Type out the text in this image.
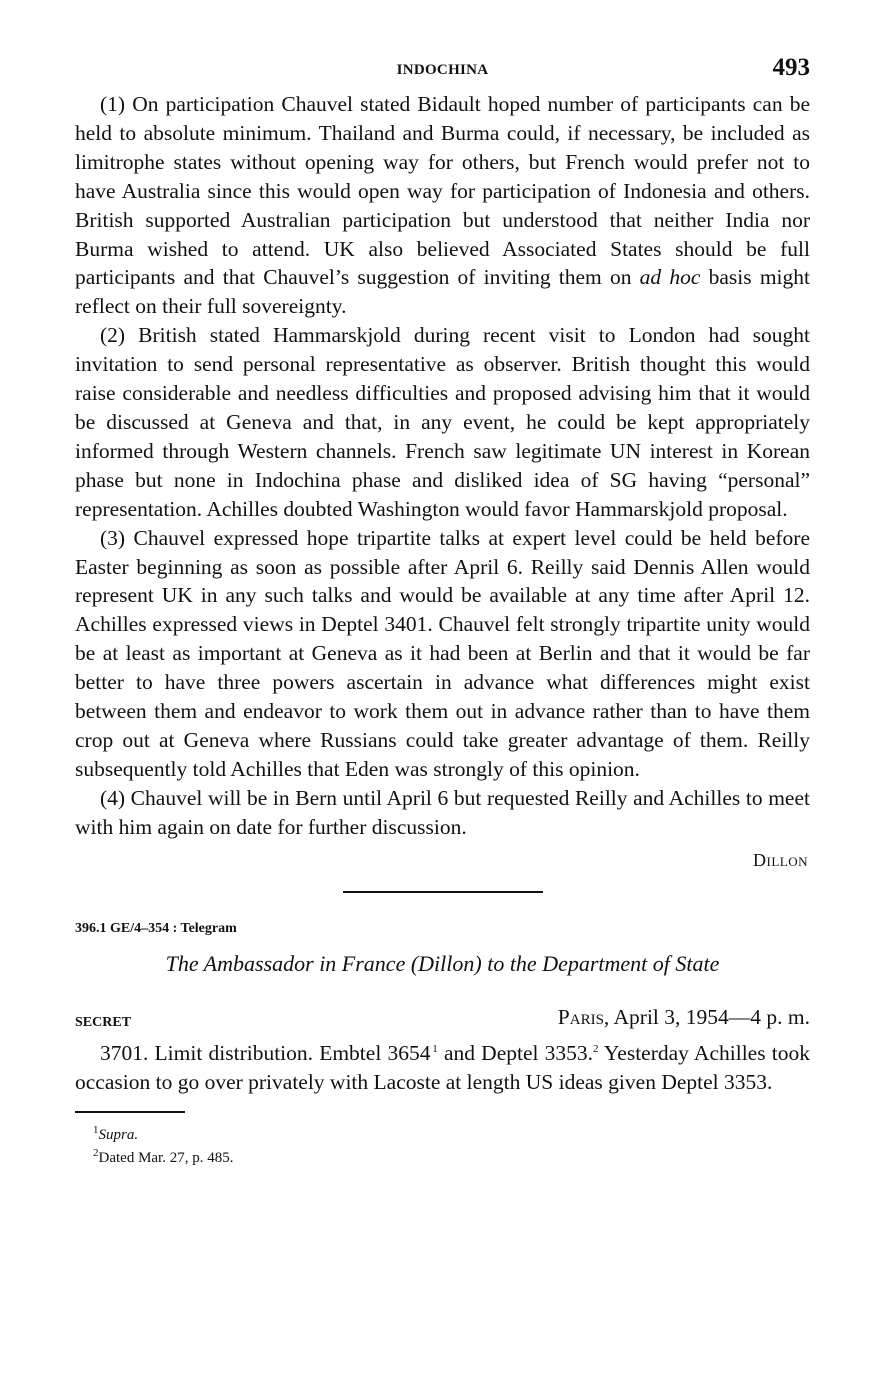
INDOCHINA	493

(1) On participation Chauvel stated Bidault hoped number of participants can be held to absolute minimum. Thailand and Burma could, if necessary, be included as limitrophe states without opening way for others, but French would prefer not to have Australia since this would open way for participation of Indonesia and others. British supported Australian participation but understood that neither India nor Burma wished to attend. UK also believed Associated States should be full participants and that Chauvel’s suggestion of inviting them on ad hoc basis might reflect on their full sovereignty.

(2) British stated Hammarskjold during recent visit to London had sought invitation to send personal representative as observer. British thought this would raise considerable and needless difficulties and proposed advising him that it would be discussed at Geneva and that, in any event, he could be kept appropriately informed through Western channels. French saw legitimate UN interest in Korean phase but none in Indochina phase and disliked idea of SG having “personal” representation. Achilles doubted Washington would favor Hammarskjold proposal.

(3) Chauvel expressed hope tripartite talks at expert level could be held before Easter beginning as soon as possible after April 6. Reilly said Dennis Allen would represent UK in any such talks and would be available at any time after April 12. Achilles expressed views in Deptel 3401. Chauvel felt strongly tripartite unity would be at least as important at Geneva as it had been at Berlin and that it would be far better to have three powers ascertain in advance what differences might exist between them and endeavor to work them out in advance rather than to have them crop out at Geneva where Russians could take greater advantage of them. Reilly subsequently told Achilles that Eden was strongly of this opinion.

(4) Chauvel will be in Bern until April 6 but requested Reilly and Achilles to meet with him again on date for further discussion.

Dillon
396.1 GE/4–354 : Telegram
The Ambassador in France (Dillon) to the Department of State
SECRET	Paris, April 3, 1954—4 p. m.

3701. Limit distribution. Embtel 3654  $^1$ and Deptel 3353.$^2$ Yesterday Achilles took occasion to go over privately with Lacoste at length US ideas given Deptel 3353.

$^1$Supra.
$^2$Dated Mar. 27, p. 485.
